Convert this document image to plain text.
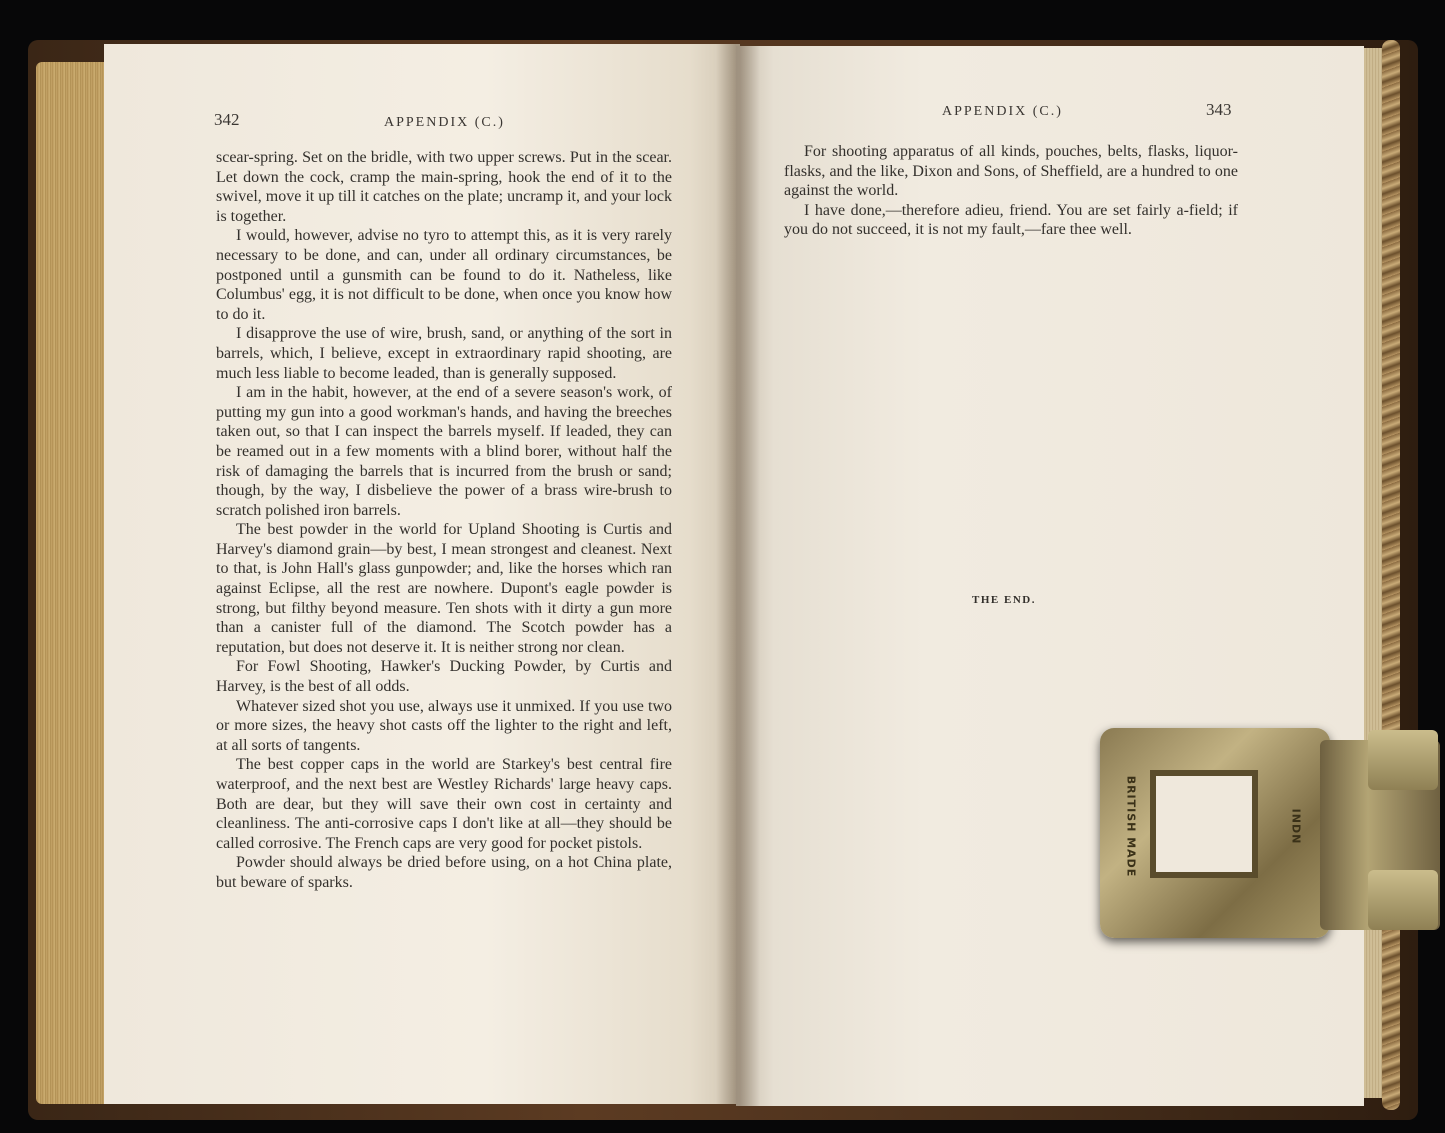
342	APPENDIX (C.)

scear-spring. Set on the bridle, with two upper screws. Put in the scear. Let down the cock, cramp the main-spring, hook the end of it to the swivel, move it up till it catches on the plate; uncramp it, and your lock is together.

I would, however, advise no tyro to attempt this, as it is very rarely necessary to be done, and can, under all ordinary circumstances, be postponed until a gunsmith can be found to do it. Natheless, like Columbus' egg, it is not difficult to be done, when once you know how to do it.

I disapprove the use of wire, brush, sand, or anything of the sort in barrels, which, I believe, except in extraordinary rapid shooting, are much less liable to become leaded, than is generally supposed.

I am in the habit, however, at the end of a severe season's work, of putting my gun into a good workman's hands, and having the breeches taken out, so that I can inspect the barrels myself. If leaded, they can be reamed out in a few moments with a blind borer, without half the risk of damaging the barrels that is incurred from the brush or sand; though, by the way, I disbelieve the power of a brass wire-brush to scratch polished iron barrels.

The best powder in the world for Upland Shooting is Curtis and Harvey's diamond grain—by best, I mean strongest and cleanest. Next to that, is John Hall's glass gunpowder; and, like the horses which ran against Eclipse, all the rest are nowhere. Dupont's eagle powder is strong, but filthy beyond measure. Ten shots with it dirty a gun more than a canister full of the diamond. The Scotch powder has a reputation, but does not deserve it. It is neither strong nor clean.

For Fowl Shooting, Hawker's Ducking Powder, by Curtis and Harvey, is the best of all odds.

Whatever sized shot you use, always use it unmixed. If you use two or more sizes, the heavy shot casts off the lighter to the right and left, at all sorts of tangents.

The best copper caps in the world are Starkey's best central fire waterproof, and the next best are Westley Richards' large heavy caps. Both are dear, but they will save their own cost in certainty and cleanliness. The anti-corrosive caps I don't like at all—they should be called corrosive. The French caps are very good for pocket pistols.

Powder should always be dried before using, on a hot China plate, but beware of sparks.

APPENDIX (C.)	343

For shooting apparatus of all kinds, pouches, belts, flasks, liquor-flasks, and the like, Dixon and Sons, of Sheffield, are a hundred to one against the world.

I have done,—therefore adieu, friend. You are set fairly a-field; if you do not succeed, it is not my fault,—fare thee well.

THE END.
BRITISH MADE	INDN
